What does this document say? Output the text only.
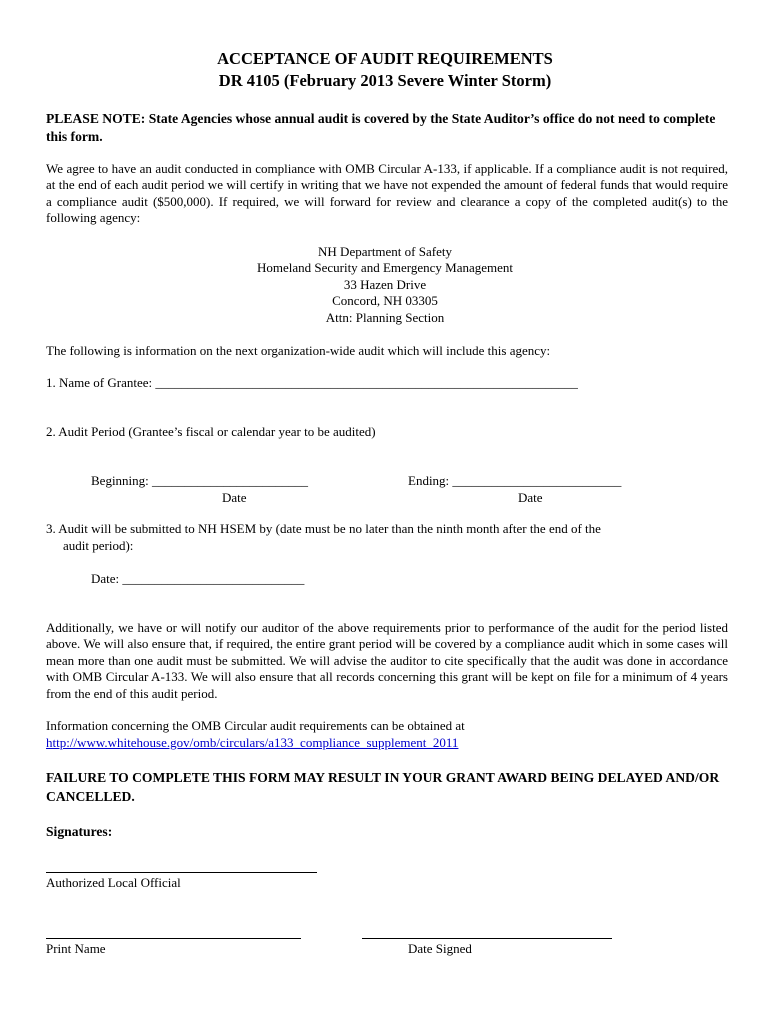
ACCEPTANCE OF AUDIT REQUIREMENTS
DR 4105 (February 2013 Severe Winter Storm)
PLEASE NOTE: State Agencies whose annual audit is covered by the State Auditor’s office do not need to complete this form.
We agree to have an audit conducted in compliance with OMB Circular A-133, if applicable. If a compliance audit is not required, at the end of each audit period we will certify in writing that we have not expended the amount of federal funds that would require a compliance audit ($500,000). If required, we will forward for review and clearance a copy of the completed audit(s) to the following agency:
NH Department of Safety
Homeland Security and Emergency Management
33 Hazen Drive
Concord, NH 03305
Attn: Planning Section
The following is information on the next organization-wide audit which will include this agency:
1. Name of Grantee: _________________________________________________________________
2. Audit Period (Grantee’s fiscal or calendar year to be audited)
Beginning: ________________________
Date
Ending: __________________________
Date
3. Audit will be submitted to NH HSEM by (date must be no later than the ninth month after the end of the
audit period):
Date: ____________________________
Additionally, we have or will notify our auditor of the above requirements prior to performance of the audit for the period listed above. We will also ensure that, if required, the entire grant period will be covered by a compliance audit which in some cases will mean more than one audit must be submitted. We will advise the auditor to cite specifically that the audit was done in accordance with OMB Circular A-133. We will also ensure that all records concerning this grant will be kept on file for a minimum of 4 years from the end of this audit period.
Information concerning the OMB Circular audit requirements can be obtained at
http://www.whitehouse.gov/omb/circulars/a133_compliance_supplement_2011
FAILURE TO COMPLETE THIS FORM MAY RESULT IN YOUR GRANT AWARD BEING DELAYED AND/OR CANCELLED.
Signatures:
Authorized Local Official
Print Name	Date Signed
